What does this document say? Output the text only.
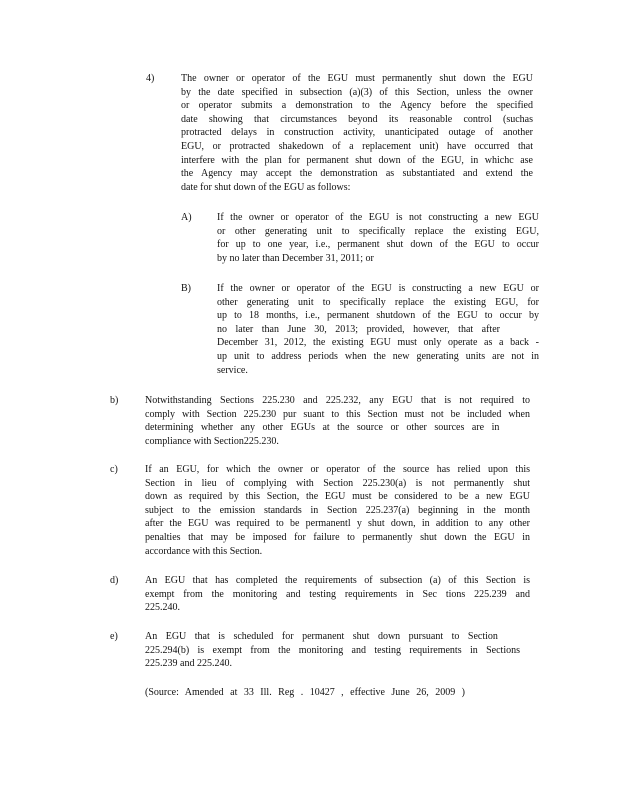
4)	The owner or operator of the EGU must permanently shut down the EGU
by the date specified in subsection (a)(3) of this Section, unless the owner
or operator submits a demonstration to the Agency before the specified
date showing that circumstances beyond its reasonable control (suchas
protracted delays in construction activity, unanticipated outage of another
EGU, or protracted shakedown of a replacement unit) have occurred that
interfere with the plan for permanent shut down of the EGU, in whichc ase
the Agency may accept the demonstration as substantiated and extend the
date for shut down of the EGU as follows:
A)	If the owner or operator of the EGU is not constructing a new EGU
or other generating unit to specifically replace the existing EGU,
for up to one year, i.e., permanent shut down of the EGU to occur
by no later than December 31, 2011; or
B)	If the owner or operator of the EGU is constructing a new EGU or
other generating unit to specifically replace the existing EGU, for
up to 18 months, i.e., permanent shutdown of the EGU to occur by
no later than June 30, 2013; provided, however, that after
December 31, 2012, the existing EGU must only operate as a back -
up unit to address periods when the new generating units are not in
service.
b)	Notwithstanding Sections 225.230 and 225.232, any EGU that is not required to
comply with Section 225.230 pur suant to this Section must not be included when
determining whether any other EGUs at the source or other sources are in
compliance with Section225.230.
c)	If an EGU, for which the owner or operator of the source has relied upon this
Section in lieu of complying with Section 225.230(a) is not permanently shut
down as required by this Section, the EGU must be considered to be a new EGU
subject to the emission standards in Section 225.237(a) beginning in the month
after the EGU was required to be permanentl y shut down, in addition to any other
penalties that may be imposed for failure to permanently shut down the EGU in
accordance with this Section.
d)	An EGU that has completed the requirements of subsection (a) of this Section is
exempt from the monitoring and testing requirements in Sec tions 225.239 and
225.240.
e)	An EGU that is scheduled for permanent shut down pursuant to Section
225.294(b) is exempt from the monitoring and testing requirements in Sections
225.239 and 225.240.
(Source: Amended at 33 Ill. Reg . 10427 , effective June 26, 2009 )
